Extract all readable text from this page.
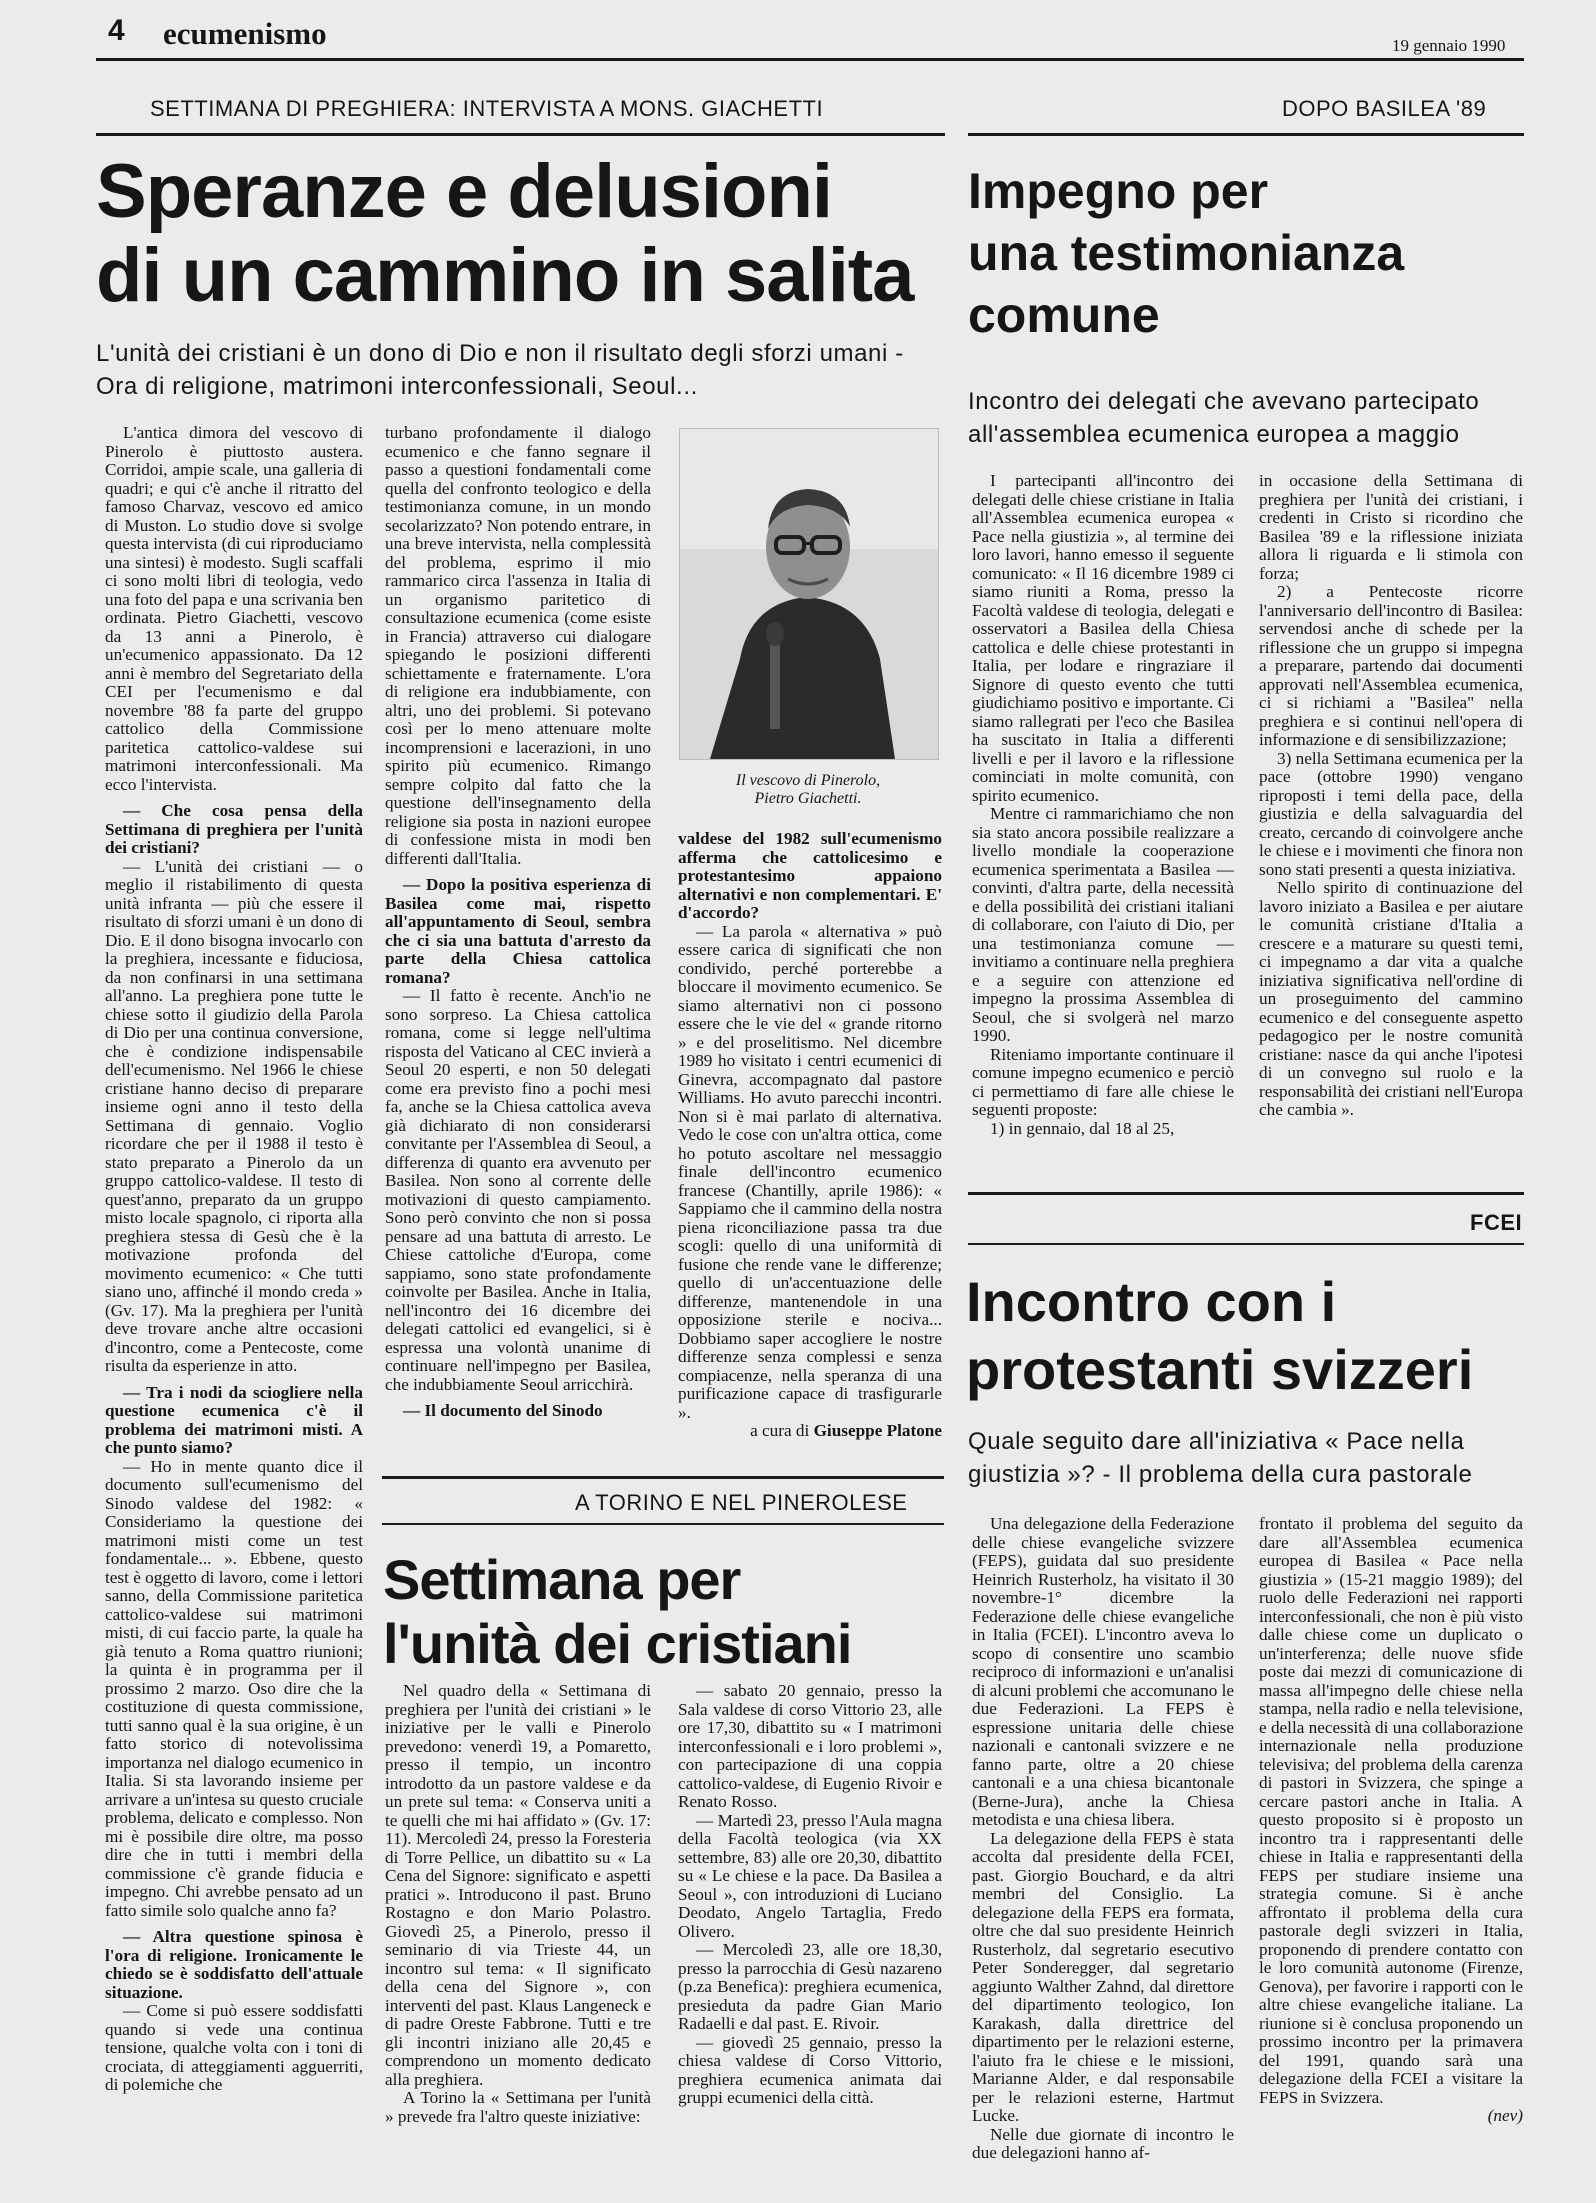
4 ecumenismo	19 gennaio 1990
SETTIMANA DI PREGHIERA: INTERVISTA A MONS. GIACHETTI
Speranze e delusioni
di un cammino in salita

L'unità dei cristiani è un dono di Dio e non il risultato degli sforzi umani - Ora di religione, matrimoni interconfessionali, Seoul...

L'antica dimora del vescovo di Pinerolo è piuttosto austera. Corridoi, ampie scale, una galleria di quadri; e qui c'è anche il ritratto del famoso Charvaz, vescovo ed amico di Muston. Lo studio dove si svolge questa intervista (di cui riproduciamo una sintesi) è modesto. Sugli scaffali ci sono molti libri di teologia, vedo una foto del papa e una scrivania ben ordinata. Pietro Giachetti, vescovo da 13 anni a Pinerolo, è un'ecumenico appassionato. Da 12 anni è membro del Segretariato della CEI per l'ecumenismo e dal novembre '88 fa parte del gruppo cattolico della Commissione paritetica cattolico-valdese sui matrimoni interconfessionali. Ma ecco l'intervista.

— Che cosa pensa della Settimana di preghiera per l'unità dei cristiani?

— L'unità dei cristiani — o meglio il ristabilimento di questa unità infranta — più che essere il risultato di sforzi umani è un dono di Dio. E il dono bisogna invocarlo con la preghiera, incessante e fiduciosa, da non confinarsi in una settimana all'anno. La preghiera pone tutte le chiese sotto il giudizio della Parola di Dio per una continua conversione, che è condizione indispensabile dell'ecumenismo. Nel 1966 le chiese cristiane hanno deciso di preparare insieme ogni anno il testo della Settimana di gennaio. Voglio ricordare che per il 1988 il testo è stato preparato a Pinerolo da un gruppo cattolico-valdese. Il testo di quest'anno, preparato da un gruppo misto locale spagnolo, ci riporta alla preghiera stessa di Gesù che è la motivazione profonda del movimento ecumenico: « Che tutti siano uno, affinché il mondo creda » (Gv. 17). Ma la preghiera per l'unità deve trovare anche altre occasioni d'incontro, come a Pentecoste, come risulta da esperienze in atto.

— Tra i nodi da sciogliere nella questione ecumenica c'è il problema dei matrimoni misti. A che punto siamo?

— Ho in mente quanto dice il documento sull'ecumenismo del Sinodo valdese del 1982: « Consideriamo la questione dei matrimoni misti come un test fondamentale... ». Ebbene, questo test è oggetto di lavoro, come i lettori sanno, della Commissione paritetica cattolico-valdese sui matrimoni misti, di cui faccio parte, la quale ha già tenuto a Roma quattro riunioni; la quinta è in programma per il prossimo 2 marzo. Oso dire che la costituzione di questa commissione, tutti sanno qual è la sua origine, è un fatto storico di notevolissima importanza nel dialogo ecumenico in Italia. Si sta lavorando insieme per arrivare a un'intesa su questo cruciale problema, delicato e complesso. Non mi è possibile dire oltre, ma posso dire che in tutti i membri della commissione c'è grande fiducia e impegno. Chi avrebbe pensato ad un fatto simile solo qualche anno fa?

— Altra questione spinosa è l'ora di religione. Ironicamente le chiedo se è soddisfatto dell'attuale situazione.

— Come si può essere soddisfatti quando si vede una continua tensione, qualche volta con i toni di crociata, di atteggiamenti agguerriti, di polemiche che

turbano profondamente il dialogo ecumenico e che fanno segnare il passo a questioni fondamentali come quella del confronto teologico e della testimonianza comune, in un mondo secolarizzato? Non potendo entrare, in una breve intervista, nella complessità del problema, esprimo il mio rammarico circa l'assenza in Italia di un organismo paritetico di consultazione ecumenica (come esiste in Francia) attraverso cui dialogare spiegando le posizioni differenti schiettamente e fraternamente. L'ora di religione era indubbiamente, con altri, uno dei problemi. Si potevano così per lo meno attenuare molte incomprensioni e lacerazioni, in uno spirito più ecumenico. Rimango sempre colpito dal fatto che la questione dell'insegnamento della religione sia posta in nazioni europee di confessione mista in modi ben differenti dall'Italia.

— Dopo la positiva esperienza di Basilea come mai, rispetto all'appuntamento di Seoul, sembra che ci sia una battuta d'arresto da parte della Chiesa cattolica romana?

— Il fatto è recente. Anch'io ne sono sorpreso. La Chiesa cattolica romana, come si legge nell'ultima risposta del Vaticano al CEC invierà a Seoul 20 esperti, e non 50 delegati come era previsto fino a pochi mesi fa, anche se la Chiesa cattolica aveva già dichiarato di non considerarsi convitante per l'Assemblea di Seoul, a differenza di quanto era avvenuto per Basilea. Non sono al corrente delle motivazioni di questo campiamento. Sono però convinto che non si possa pensare ad una battuta di arresto. Le Chiese cattoliche d'Europa, come sappiamo, sono state profondamente coinvolte per Basilea. Anche in Italia, nell'incontro dei 16 dicembre dei delegati cattolici ed evangelici, si è espressa una volontà unanime di continuare nell'impegno per Basilea, che indubbiamente Seoul arricchirà.

— Il documento del Sinodo

Il vescovo di Pinerolo,
Pietro Giachetti.

valdese del 1982 sull'ecumenismo afferma che cattolicesimo e protestantesimo appaiono alternativi e non complementari. E' d'accordo?

— La parola « alternativa » può essere carica di significati che non condivido, perché porterebbe a bloccare il movimento ecumenico. Se siamo alternativi non ci possono essere che le vie del « grande ritorno » e del proselitismo. Nel dicembre 1989 ho visitato i centri ecumenici di Ginevra, accompagnato dal pastore Williams. Ho avuto parecchi incontri. Non si è mai parlato di alternativa. Vedo le cose con un'altra ottica, come ho potuto ascoltare nel messaggio finale dell'incontro ecumenico francese (Chantilly, aprile 1986): « Sappiamo che il cammino della nostra piena riconciliazione passa tra due scogli: quello di una uniformità di fusione che rende vane le differenze; quello di un'accentuazione delle differenze, mantenendole in una opposizione sterile e nociva... Dobbiamo saper accogliere le nostre differenze senza complessi e senza compiacenze, nella speranza di una purificazione capace di trasfigurarle ».

a cura di Giuseppe Platone
A TORINO E NEL PINEROLESE
Settimana per
l'unità dei cristiani

Nel quadro della « Settimana di preghiera per l'unità dei cristiani » le iniziative per le valli e Pinerolo prevedono: venerdì 19, a Pomaretto, presso il tempio, un incontro introdotto da un pastore valdese e da un prete sul tema: « Conserva uniti a te quelli che mi hai affidato » (Gv. 17: 11). Mercoledì 24, presso la Foresteria di Torre Pellice, un dibattito su « La Cena del Signore: significato e aspetti pratici ». Introducono il past. Bruno Rostagno e don Mario Polastro. Giovedì 25, a Pinerolo, presso il seminario di via Trieste 44, un incontro sul tema: « Il significato della cena del Signore », con interventi del past. Klaus Langeneck e di padre Oreste Fabbrone. Tutti e tre gli incontri iniziano alle 20,45 e comprendono un momento dedicato alla preghiera.

A Torino la « Settimana per l'unità » prevede fra l'altro queste iniziative:

— sabato 20 gennaio, presso la Sala valdese di corso Vittorio 23, alle ore 17,30, dibattito su « I matrimoni interconfessionali e i loro problemi », con partecipazione di una coppia cattolico-valdese, di Eugenio Rivoir e Renato Rosso.

— Martedì 23, presso l'Aula magna della Facoltà teologica (via XX settembre, 83) alle ore 20,30, dibattito su « Le chiese e la pace. Da Basilea a Seoul », con introduzioni di Luciano Deodato, Angelo Tartaglia, Fredo Olivero.

— Mercoledì 23, alle ore 18,30, presso la parrocchia di Gesù nazareno (p.za Benefica): preghiera ecumenica, presieduta da padre Gian Mario Radaelli e dal past. E. Rivoir.

— giovedì 25 gennaio, presso la chiesa valdese di Corso Vittorio, preghiera ecumenica animata dai gruppi ecumenici della città.

DOPO BASILEA '89
Impegno per
una testimonianza
comune

Incontro dei delegati che avevano partecipato all'assemblea ecumenica europea a maggio

I partecipanti all'incontro dei delegati delle chiese cristiane in Italia all'Assemblea ecumenica europea « Pace nella giustizia », al termine dei loro lavori, hanno emesso il seguente comunicato: « Il 16 dicembre 1989 ci siamo riuniti a Roma, presso la Facoltà valdese di teologia, delegati e osservatori a Basilea della Chiesa cattolica e delle chiese protestanti in Italia, per lodare e ringraziare il Signore di questo evento che tutti giudichiamo positivo e importante. Ci siamo rallegrati per l'eco che Basilea ha suscitato in Italia a differenti livelli e per il lavoro e la riflessione cominciati in molte comunità, con spirito ecumenico.

Mentre ci rammarichiamo che non sia stato ancora possibile realizzare a livello mondiale la cooperazione ecumenica sperimentata a Basilea — convinti, d'altra parte, della necessità e della possibilità dei cristiani italiani di collaborare, con l'aiuto di Dio, per una testimonianza comune — invitiamo a continuare nella preghiera e a seguire con attenzione ed impegno la prossima Assemblea di Seoul, che si svolgerà nel marzo 1990.

Riteniamo importante continuare il comune impegno ecumenico e perciò ci permettiamo di fare alle chiese le seguenti proposte:

1) in gennaio, dal 18 al 25,

in occasione della Settimana di preghiera per l'unità dei cristiani, i credenti in Cristo si ricordino che Basilea '89 e la riflessione iniziata allora li riguarda e li stimola con forza;

2) a Pentecoste ricorre l'anniversario dell'incontro di Basilea: servendosi anche di schede per la riflessione che un gruppo si impegna a preparare, partendo dai documenti approvati nell'Assemblea ecumenica, ci si richiami a "Basilea" nella preghiera e si continui nell'opera di informazione e di sensibilizzazione;

3) nella Settimana ecumenica per la pace (ottobre 1990) vengano riproposti i temi della pace, della giustizia e della salvaguardia del creato, cercando di coinvolgere anche le chiese e i movimenti che finora non sono stati presenti a questa iniziativa.

Nello spirito di continuazione del lavoro iniziato a Basilea e per aiutare le comunità cristiane d'Italia a crescere e a maturare su questi temi, ci impegnamo a dar vita a qualche iniziativa significativa nell'ordine di un proseguimento del cammino ecumenico e del conseguente aspetto pedagogico per le nostre comunità cristiane: nasce da qui anche l'ipotesi di un convegno sul ruolo e la responsabilità dei cristiani nell'Europa che cambia ».

FCEI
Incontro con i
protestanti svizzeri

Quale seguito dare all'iniziativa « Pace nella giustizia »? - Il problema della cura pastorale

Una delegazione della Federazione delle chiese evangeliche svizzere (FEPS), guidata dal suo presidente Heinrich Rusterholz, ha visitato il 30 novembre-1° dicembre la Federazione delle chiese evangeliche in Italia (FCEI). L'incontro aveva lo scopo di consentire uno scambio reciproco di informazioni e un'analisi di alcuni problemi che accomunano le due Federazioni. La FEPS è espressione unitaria delle chiese nazionali e cantonali svizzere e ne fanno parte, oltre a 20 chiese cantonali e a una chiesa bicantonale (Berne-Jura), anche la Chiesa metodista e una chiesa libera.

La delegazione della FEPS è stata accolta dal presidente della FCEI, past. Giorgio Bouchard, e da altri membri del Consiglio. La delegazione della FEPS era formata, oltre che dal suo presidente Heinrich Rusterholz, dal segretario esecutivo Peter Sonderegger, dal segretario aggiunto Walther Zahnd, dal direttore del dipartimento teologico, Ion Karakash, dalla direttrice del dipartimento per le relazioni esterne, l'aiuto fra le chiese e le missioni, Marianne Alder, e dal responsabile per le relazioni esterne, Hartmut Lucke.

Nelle due giornate di incontro le due delegazioni hanno af-

frontato il problema del seguito da dare all'Assemblea ecumenica europea di Basilea « Pace nella giustizia » (15-21 maggio 1989); del ruolo delle Federazioni nei rapporti interconfessionali, che non è più visto dalle chiese come un duplicato o un'interferenza; delle nuove sfide poste dai mezzi di comunicazione di massa all'impegno delle chiese nella stampa, nella radio e nella televisione, e della necessità di una collaborazione internazionale nella produzione televisiva; del problema della carenza di pastori in Svizzera, che spinge a cercare pastori anche in Italia. A questo proposito si è proposto un incontro tra i rappresentanti delle chiese in Italia e rappresentanti della FEPS per studiare insieme una strategia comune. Si è anche affrontato il problema della cura pastorale degli svizzeri in Italia, proponendo di prendere contatto con le loro comunità autonome (Firenze, Genova), per favorire i rapporti con le altre chiese evangeliche italiane. La riunione si è conclusa proponendo un prossimo incontro per la primavera del 1991, quando sarà una delegazione della FCEI a visitare la FEPS in Svizzera.

(nev)
